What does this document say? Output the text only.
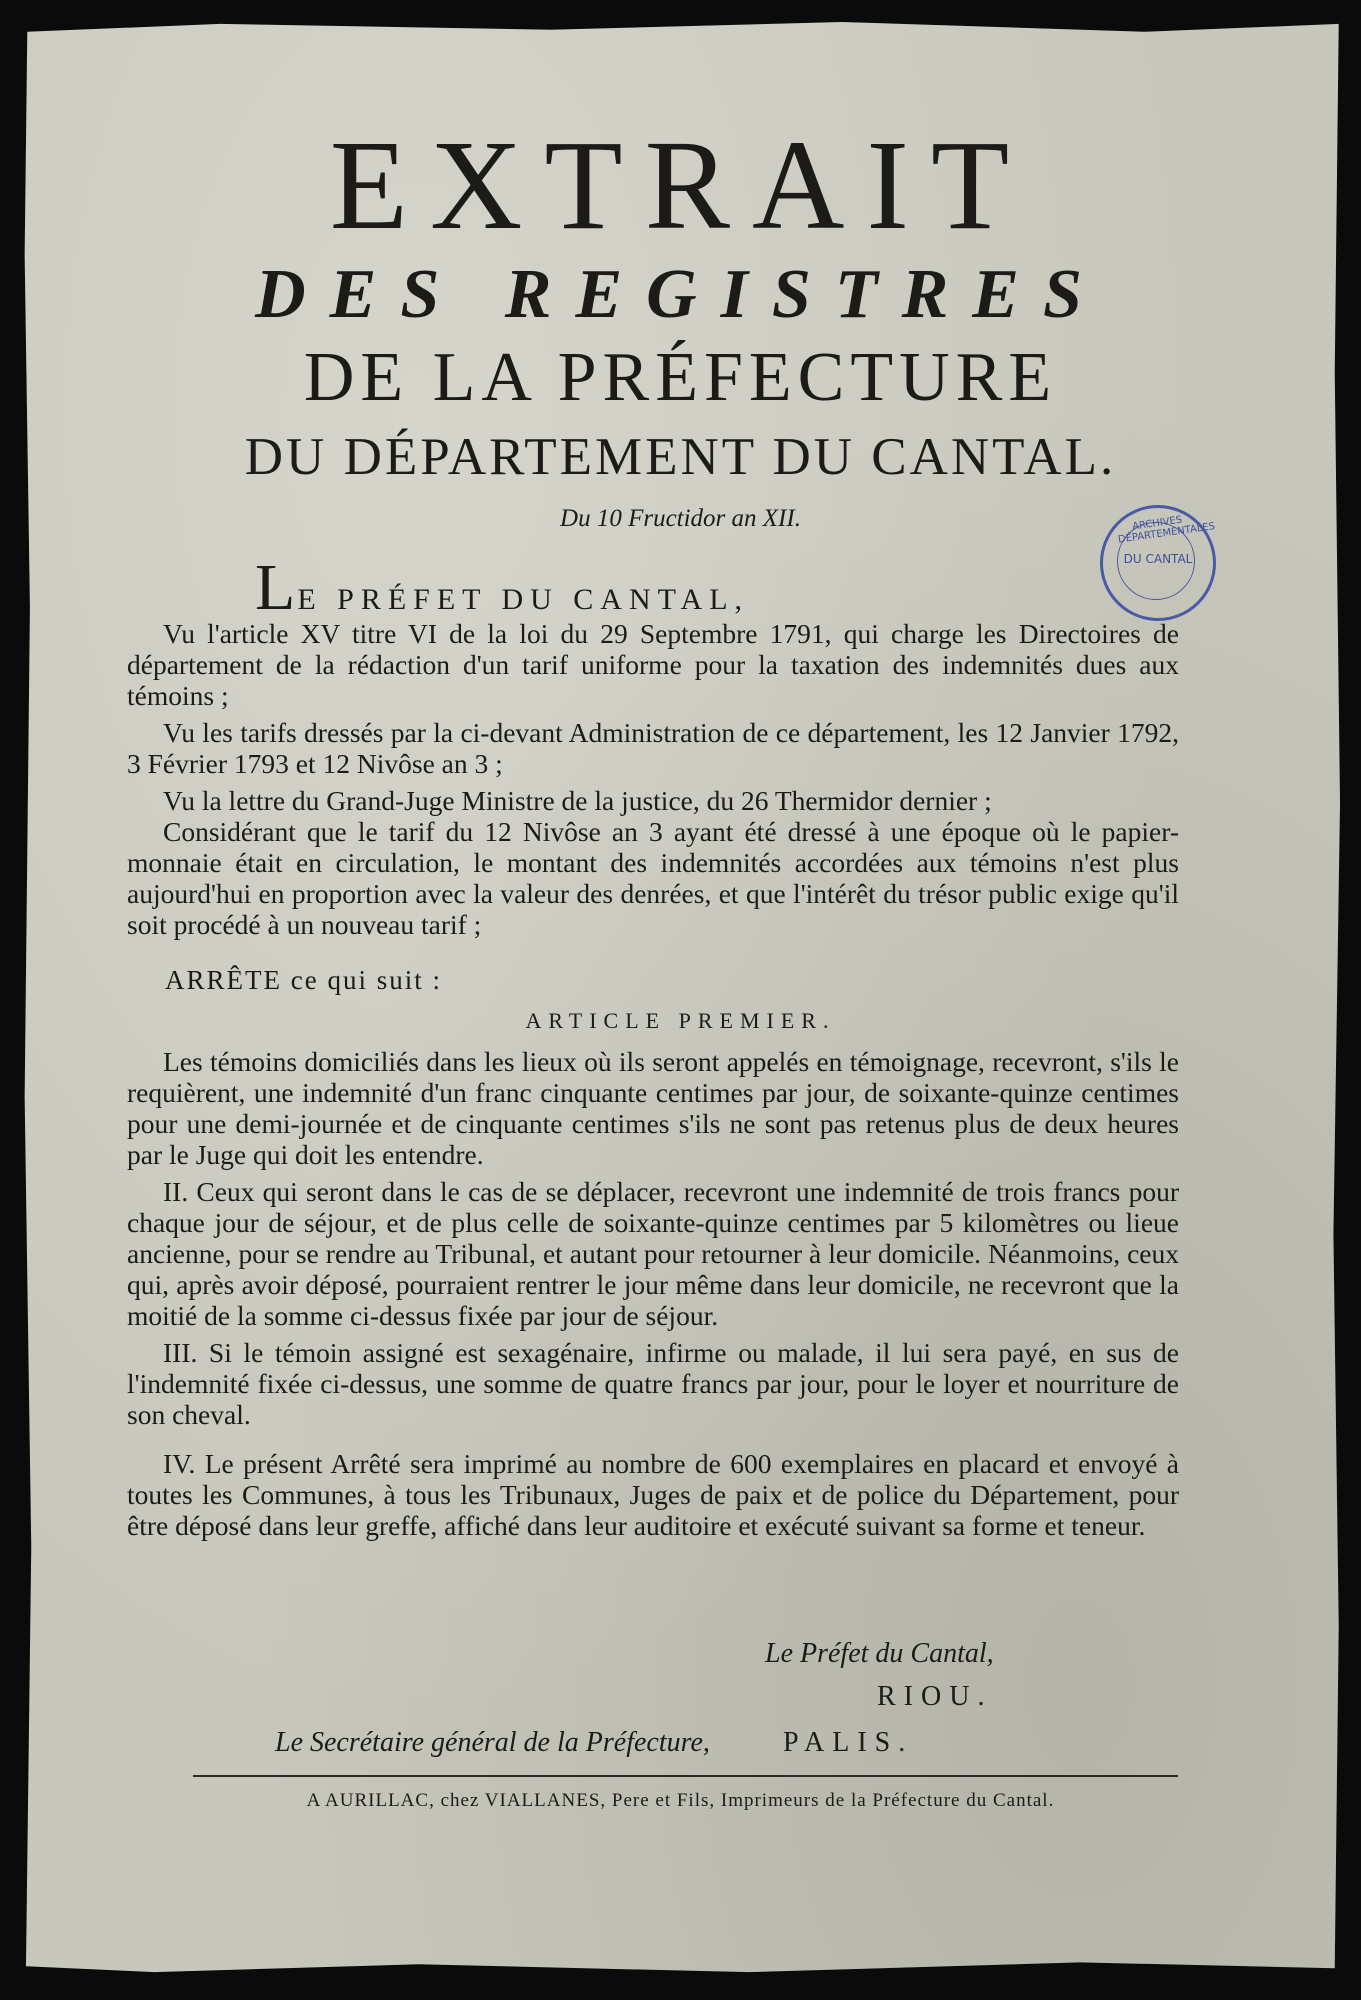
EXTRAIT
DES REGISTRES
DE LA PRÉFECTURE
DU DÉPARTEMENT DU CANTAL.
Du 10 Fructidor an XII.	ARCHIVES DÉPARTEMENTALES
DU CANTAL
LE PRÉFET DU CANTAL,

Vu l'article XV titre VI de la loi du 29 Septembre 1791, qui charge les Directoires de département de la rédaction d'un tarif uniforme pour la taxation des indemnités dues aux témoins ;

Vu les tarifs dressés par la ci-devant Administration de ce département, les 12 Janvier 1792, 3 Février 1793 et 12 Nivôse an 3 ;

Vu la lettre du Grand-Juge Ministre de la justice, du 26 Thermidor dernier ;

Considérant que le tarif du 12 Nivôse an 3 ayant été dressé à une époque où le papier-monnaie était en circulation, le montant des indemnités accordées aux témoins n'est plus aujourd'hui en proportion avec la valeur des denrées, et que l'intérêt du trésor public exige qu'il soit procédé à un nouveau tarif ;

ARRÊTE ce qui suit :
ARTICLE PREMIER.

Les témoins domiciliés dans les lieux où ils seront appelés en témoignage, recevront, s'ils le requièrent, une indemnité d'un franc cinquante centimes par jour, de soixante-quinze centimes pour une demi-journée et de cinquante centimes s'ils ne sont pas retenus plus de deux heures par le Juge qui doit les entendre.

II. Ceux qui seront dans le cas de se déplacer, recevront une indemnité de trois francs pour chaque jour de séjour, et de plus celle de soixante-quinze centimes par 5 kilomètres ou lieue ancienne, pour se rendre au Tribunal, et autant pour retourner à leur domicile. Néanmoins, ceux qui, après avoir déposé, pourraient rentrer le jour même dans leur domicile, ne recevront que la moitié de la somme ci-dessus fixée par jour de séjour.

III. Si le témoin assigné est sexagénaire, infirme ou malade, il lui sera payé, en sus de l'indemnité fixée ci-dessus, une somme de quatre francs par jour, pour le loyer et nourriture de son cheval.

IV. Le présent Arrêté sera imprimé au nombre de 600 exemplaires en placard et envoyé à toutes les Communes, à tous les Tribunaux, Juges de paix et de police du Département, pour être déposé dans leur greffe, affiché dans leur auditoire et exécuté suivant sa forme et teneur.

Le Préfet du Cantal,
RIOU.
Le Secrétaire général de la Préfecture,	PALIS.
A AURILLAC, chez VIALLANES, Pere et Fils, Imprimeurs de la Préfecture du Cantal.
